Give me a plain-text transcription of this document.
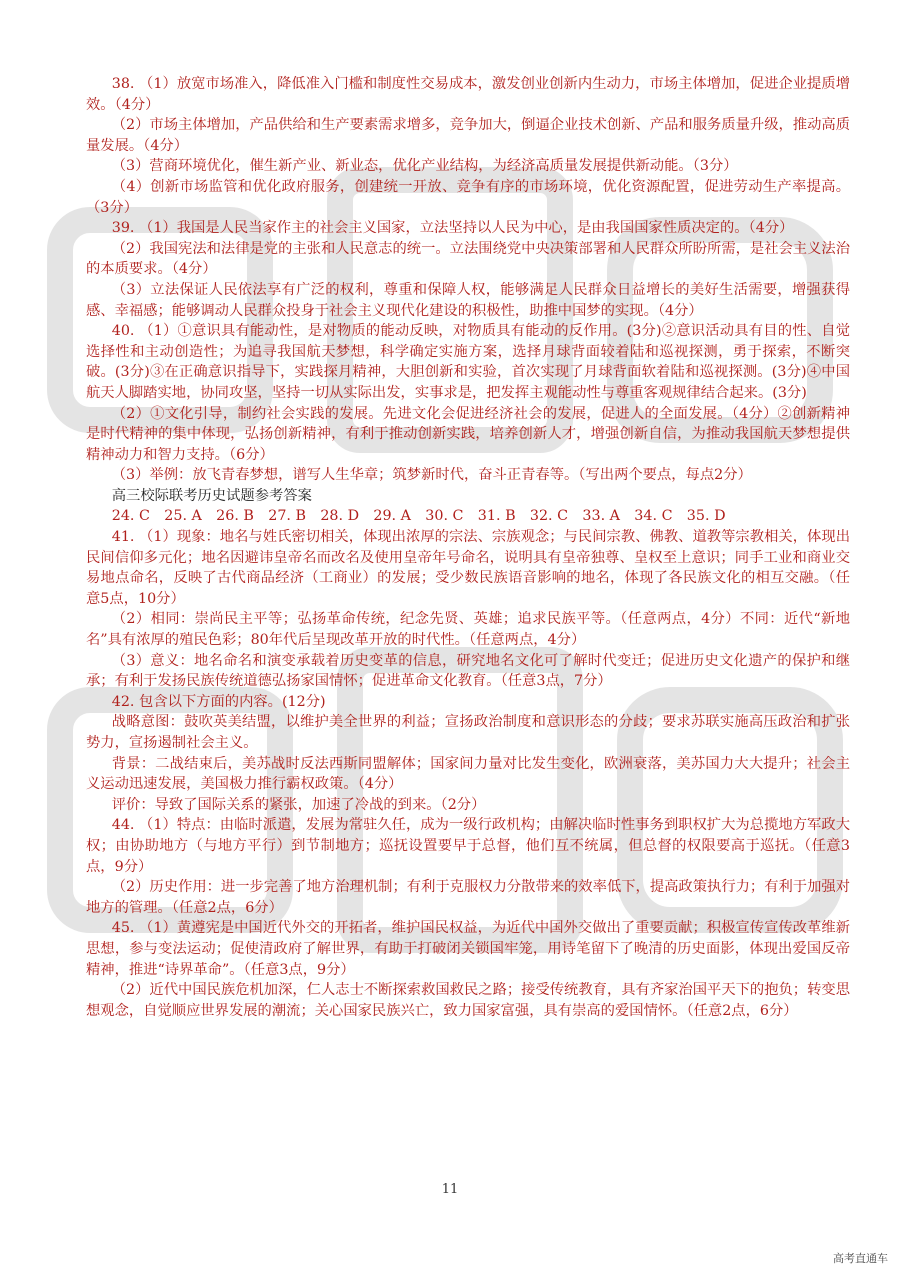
38. （1）放宽市场准入，降低准入门槛和制度性交易成本，激发创业创新内生动力，市场主体增加，促进企业提质增效。（4分）

（2）市场主体增加，产品供给和生产要素需求增多，竞争加大，倒逼企业技术创新、产品和服务质量升级，推动高质量发展。（4分）

（3）营商环境优化，催生新产业、新业态，优化产业结构，为经济高质量发展提供新动能。（3分）

（4）创新市场监管和优化政府服务，创建统一开放、竞争有序的市场环境，优化资源配置，促进劳动生产率提高。（3分）

39. （1）我国是人民当家作主的社会主义国家，立法坚持以人民为中心，是由我国国家性质决定的。（4分）

（2）我国宪法和法律是党的主张和人民意志的统一。立法围绕党中央决策部署和人民群众所盼所需，是社会主义法治的本质要求。（4分）

（3）立法保证人民依法享有广泛的权利，尊重和保障人权，能够满足人民群众日益增长的美好生活需要，增强获得感、幸福感；能够调动人民群众投身于社会主义现代化建设的积极性，助推中国梦的实现。（4分）

40. （1）①意识具有能动性，是对物质的能动反映，对物质具有能动的反作用。(3分)②意识活动具有目的性、自觉选择性和主动创造性；为追寻我国航天梦想，科学确定实施方案，选择月球背面较着陆和巡视探测，勇于探索，不断突破。(3分)③在正确意识指导下，实践探月精神，大胆创新和实验，首次实现了月球背面软着陆和巡视探测。(3分)④中国航天人脚踏实地，协同攻坚，坚持一切从实际出发，实事求是，把发挥主观能动性与尊重客观规律结合起来。(3分)

（2）①文化引导，制约社会实践的发展。先进文化会促进经济社会的发展，促进人的全面发展。（4分）②创新精神是时代精神的集中体现，弘扬创新精神，有利于推动创新实践，培养创新人才，增强创新自信，为推动我国航天梦想提供精神动力和智力支持。（6分）

（3）举例：放飞青春梦想，谱写人生华章；筑梦新时代，奋斗正青春等。（写出两个要点，每点2分）

高三校际联考历史试题参考答案

24. C　25. A　26. B　27. B　28. D　29. A　30. C　31. B　32. C　33. A　34. C　35. D

41. （1）现象：地名与姓氏密切相关，体现出浓厚的宗法、宗族观念；与民间宗教、佛教、道教等宗教相关，体现出民间信仰多元化；地名因避讳皇帝名而改名及使用皇帝年号命名，说明具有皇帝独尊、皇权至上意识；同手工业和商业交易地点命名，反映了古代商品经济（工商业）的发展；受少数民族语音影响的地名，体现了各民族文化的相互交融。（任意5点，10分）

（2）相同：崇尚民主平等；弘扬革命传统，纪念先贤、英雄；追求民族平等。（任意两点，4分）不同：近代“新地名”具有浓厚的殖民色彩；80年代后呈现改革开放的时代性。（任意两点，4分）

（3）意义：地名命名和演变承载着历史变革的信息，研究地名文化可了解时代变迁；促进历史文化遗产的保护和继承；有利于发扬民族传统道德弘扬家国情怀；促进革命文化教育。（任意3点，7分）

42. 包含以下方面的内容。(12分)

战略意图：鼓吹英美结盟，以维护美全世界的利益；宣扬政治制度和意识形态的分歧；要求苏联实施高压政治和扩张势力，宣扬遏制社会主义。

背景：二战结束后，美苏战时反法西斯同盟解体；国家间力量对比发生变化，欧洲衰落，美苏国力大大提升；社会主义运动迅速发展，美国极力推行霸权政策。（4分）

评价：导致了国际关系的紧张，加速了冷战的到来。（2分）

44. （1）特点：由临时派遣，发展为常驻久任，成为一级行政机构；由解决临时性事务到职权扩大为总揽地方军政大权；由协助地方（与地方平行）到节制地方；巡抚设置要早于总督，他们互不统属，但总督的权限要高于巡抚。（任意3点，9分）

（2）历史作用：进一步完善了地方治理机制；有利于克服权力分散带来的效率低下，提高政策执行力；有利于加强对地方的管理。（任意2点，6分）

45. （1）黄遵宪是中国近代外交的开拓者，维护国民权益，为近代中国外交做出了重要贡献；积极宣传宣传改革维新思想，参与变法运动；促使清政府了解世界，有助于打破闭关锁国牢笼，用诗笔留下了晚清的历史面影，体现出爱国反帝精神，推进“诗界革命”。（任意3点，9分）

（2）近代中国民族危机加深，仁人志士不断探索救国救民之路；接受传统教育，具有齐家治国平天下的抱负；转变思想观念，自觉顺应世界发展的潮流；关心国家民族兴亡，致力国家富强，具有崇高的爱国情怀。（任意2点，6分）

11
高考直通车
